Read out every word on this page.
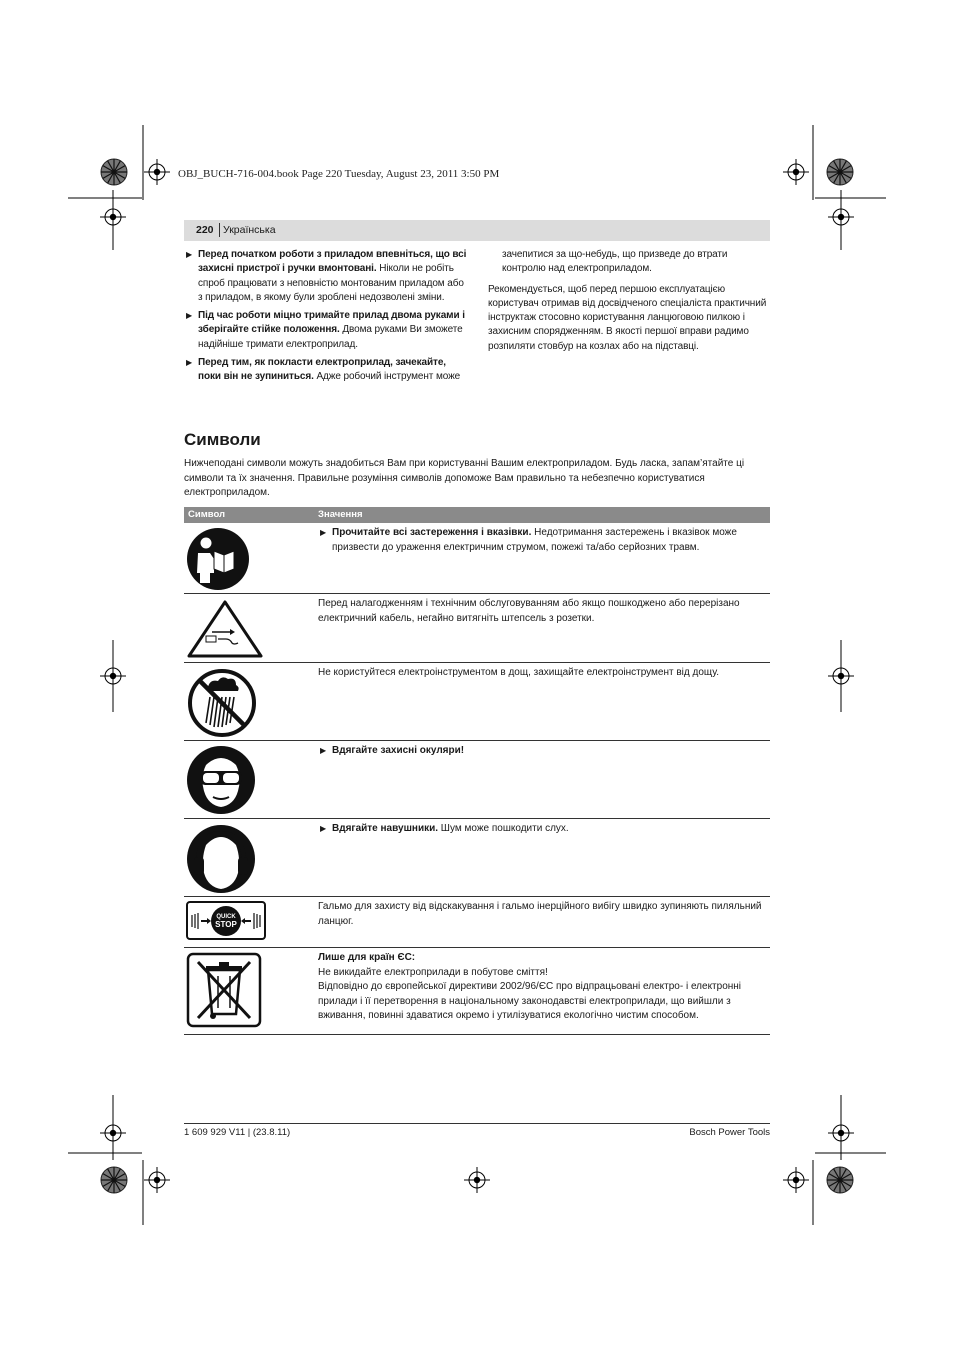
OBJ_BUCH-716-004.book Page 220 Tuesday, August 23, 2011 3:50 PM
220 Українська
▶ Перед початком роботи з приладом впевніться, що всі захисні пристрої і ручки вмонтовані. Ніколи не робіть спроб працювати з неповністю монтованим приладом або з приладом, в якому були зроблені недозволені зміни.
▶ Під час роботи міцно тримайте прилад двома руками і зберігайте стійке положення. Двома руками Ви зможете надійніше тримати електроприлад.
▶ Перед тим, як покласти електроприлад, зачекайте, поки він не зупиниться. Адже робочий інструмент може
зачепитися за що-небудь, що призведе до втрати контролю над електроприладом.
Рекомендується, щоб перед першою експлуатацією користувач отримав від досвідченого спеціаліста практичний інструктаж стосовно користування ланцюговою пилкою і захисним спорядженням. В якості першої вправи радимо розпиляти стовбур на козлах або на підставці.
Символи
Нижчеподані символи можуть знадобиться Вам при користуванні Вашим електроприладом. Будь ласка, запам’ятайте ці символи та їх значення. Правильне розуміння символів допоможе Вам правильно та небезпечно користуватися електроприладом.
Символ	Значення
▶ Прочитайте всі застереження і вказівки. Недотримання застережень і вказівок може призвести до ураження електричним струмом, пожежі та/або серйозних травм.
Перед налагодженням і технічним обслуговуванням або якщо пошкоджено або перерізано електричний кабель, негайно витягніть штепсель з розетки.
Не користуйтеся електроінструментом в дощ, захищайте електроінструмент від дощу.
▶ Вдягайте захисні окуляри!
▶ Вдягайте навушники. Шум може пошкодити слух.
QUICK
STOP
Гальмо для захисту від відскакування і гальмо інерційного вибігу швидко зупиняють пиляльний ланцюг.
Лише для країн ЄС:
Не викидайте електроприлади в побутове сміття!
Відповідно до європейської директиви 2002/96/ЄС про відпрацьовані електро- і електронні прилади і її перетворення в національному законодавстві електроприлади, що вийшли з вживання, повинні здаватися окремо і утилізуватися екологічно чистим способом.
1 609 929 V11 | (23.8.11)	Bosch Power Tools
